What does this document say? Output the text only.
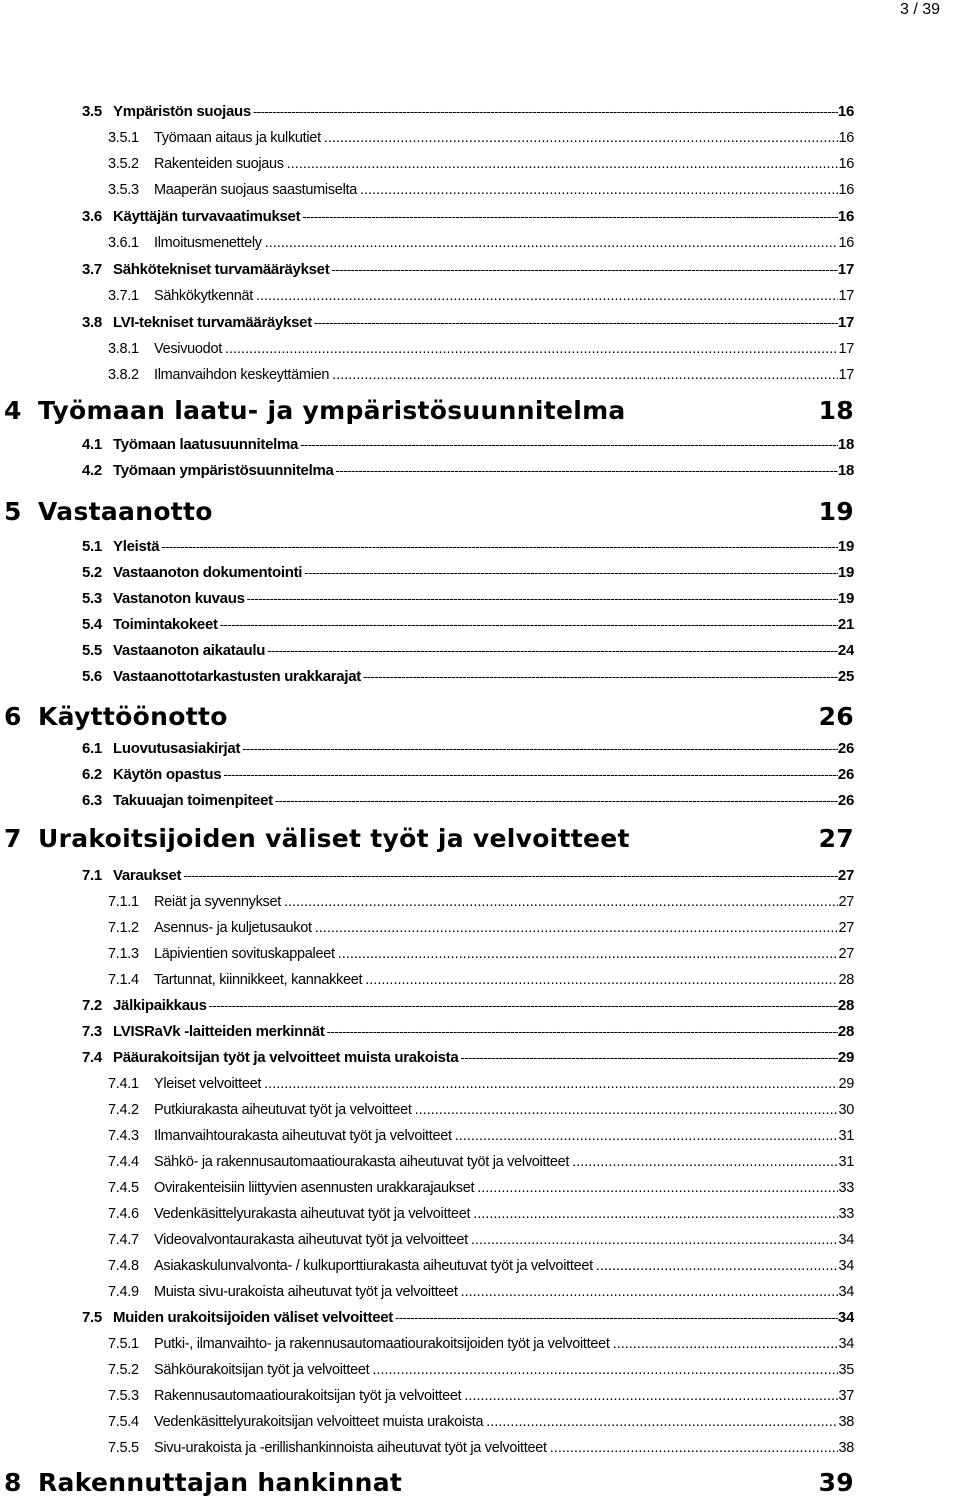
3 / 39
3.5 Ympäristön suojaus -----	16
3.5.1	Työmaan aitaus ja kulkutiet .....	16
3.5.2	Rakenteiden suojaus .....	16
3.5.3	Maaperän suojaus saastumiselta .....	16
3.6 Käyttäjän turvavaatimukset -----	16
3.6.1	Ilmoitusmenettely .....	16
3.7 Sähkötekniset turvamääräykset -----	17
3.7.1	Sähkökytkennät .....	17
3.8 LVI-tekniset turvamääräykset -----	17
3.8.1	Vesivuodot .....	17
3.8.2	Ilmanvaihdon keskeyttämien .....	17
4 Työmaan laatu- ja ympäristösuunnitelma	18
4.1 Työmaan laatusuunnitelma -----	18
4.2 Työmaan ympäristösuunnitelma -----	18
5 Vastaanotto	19
5.1 Yleistä -----	19
5.2 Vastaanoton dokumentointi -----	19
5.3 Vastanoton kuvaus -----	19
5.4 Toimintakokeet -----	21
5.5 Vastaanoton aikataulu -----	24
5.6 Vastaanottotarkastusten urakkarajat -----	25
6 Käyttöönotto	26
6.1 Luovutusasiakirjat -----	26
6.2 Käytön opastus -----	26
6.3 Takuuajan toimenpiteet -----	26
7 Urakoitsijoiden väliset työt ja velvoitteet	27
7.1 Varaukset -----	27
7.1.1	Reiät ja syvennykset .....	27
7.1.2	Asennus- ja kuljetusaukot .....	27
7.1.3	Läpivientien sovituskappaleet .....	27
7.1.4	Tartunnat, kiinnikkeet, kannakkeet .....	28
7.2 Jälkipaikkaus -----	28
7.3 LVISRaVk -laitteiden merkinnät -----	28
7.4 Pääurakoitsijan työt ja velvoitteet muista urakoista -----	29
7.4.1	Yleiset velvoitteet .....	29
7.4.2	Putkiurakasta aiheutuvat työt ja velvoitteet .....	30
7.4.3	Ilmanvaihtourakasta aiheutuvat työt ja velvoitteet .....	31
7.4.4	Sähkö- ja rakennusautomaatiourakasta aiheutuvat työt ja velvoitteet .....	31
7.4.5	Ovirakenteisiin liittyvien asennusten urakkarajaukset .....	33
7.4.6	Vedenkäsittelyurakasta aiheutuvat työt ja velvoitteet .....	33
7.4.7	Videovalvontaurakasta aiheutuvat työt ja velvoitteet .....	34
7.4.8	Asiakaskulunvalvonta- / kulkuporttiurakasta aiheutuvat työt ja velvoitteet .....	34
7.4.9	Muista sivu-urakoista aiheutuvat työt ja velvoitteet .....	34
7.5 Muiden urakoitsijoiden väliset velvoitteet -----	34
7.5.1	Putki-, ilmanvaihto- ja rakennusautomaatiourakoitsijoiden työt ja velvoitteet .....	34
7.5.2	Sähköurakoitsijan työt ja velvoitteet .....	35
7.5.3	Rakennusautomaatiourakoitsijan työt ja velvoitteet .....	37
7.5.4	Vedenkäsittelyurakoitsijan velvoitteet muista urakoista .....	38
7.5.5	Sivu-urakoista ja -erillishankinnoista aiheutuvat työt ja velvoitteet .....	38
8 Rakennuttajan hankinnat	39
